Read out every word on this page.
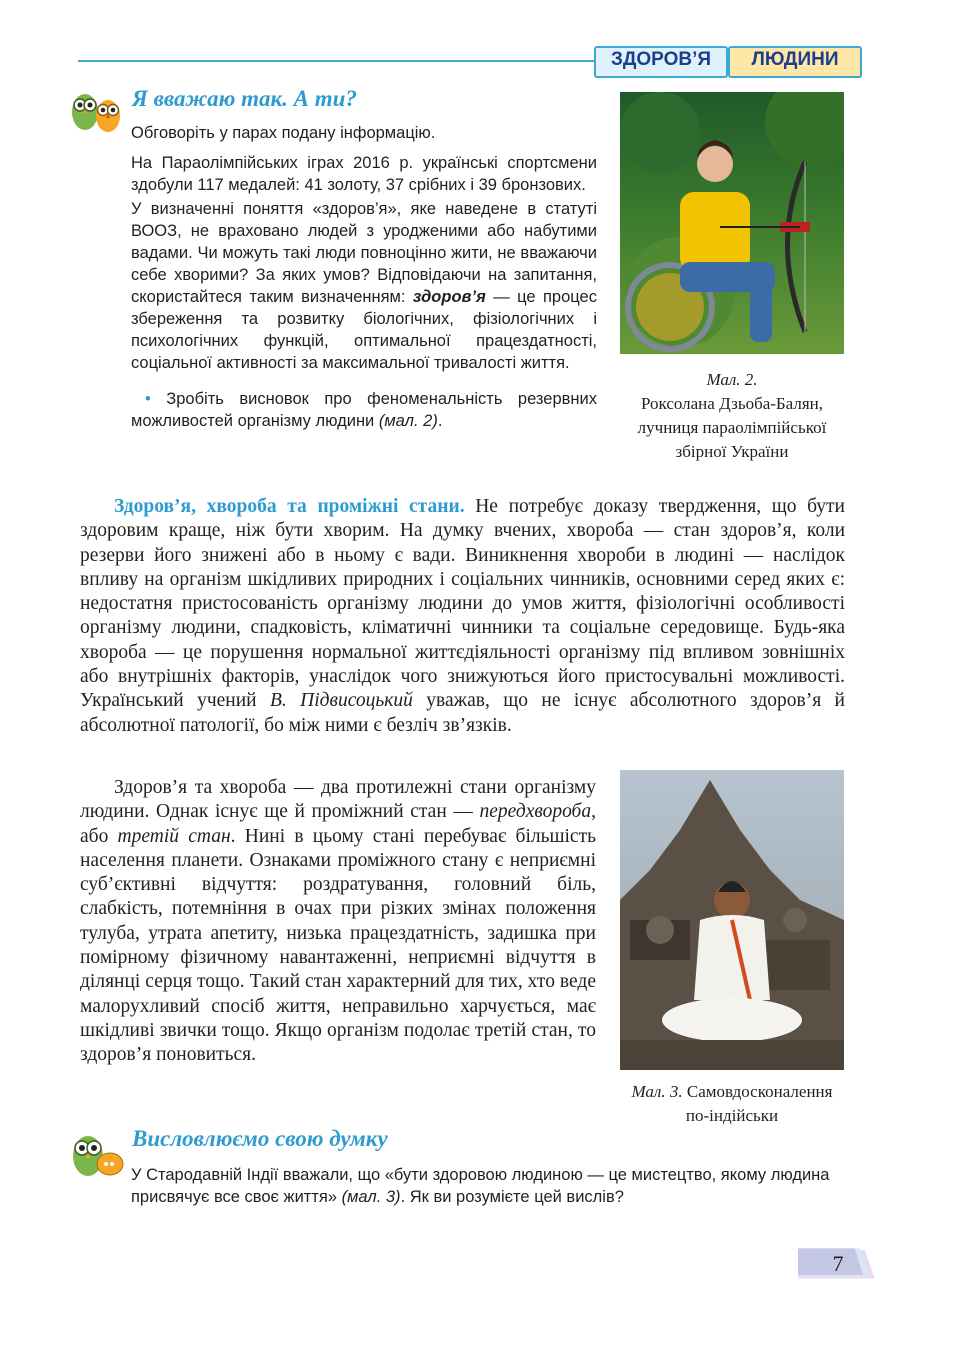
ЗДОРОВ’Я	ЛЮДИНИ
Я вважаю так. А ти?

Обговоріть у парах подану інформацію.

На Параолімпійських іграх 2016 р. українські спортсмени здобули 117 медалей: 41 золоту, 37 срібних і 39 бронзових.

У визначенні поняття «здоров’я», яке наведене в статуті ВООЗ, не враховано людей з уродженими або набутими вадами. Чи можуть такі люди повноцінно жити, не вважаючи себе хворими? За яких умов? Відповідаючи на запитання, скористайтеся таким визначенням: здоров’я — це процес збереження та розвитку біологічних, фізіологічних і психологічних функцій, оптимальної працездатності, соціальної активності за максимальної тривалості життя.

• Зробіть висновок про феноменальність резервних можливостей організму людини (мал. 2).

Мал. 2.
Роксолана Дзьоба-Балян,
лучниця параолімпійської
збірної України

Здоров’я, хвороба та проміжні стани. Не потребує доказу твердження, що бути здоровим краще, ніж бути хворим. На думку вчених, хвороба — стан здоров’я, коли резерви його знижені або в ньому є вади. Виникнення хвороби в людині — наслідок впливу на організм шкідливих природних і соціальних чинників, основними серед яких є: недостатня пристосованість організму людини до умов життя, фізіологічні особливості організму людини, спадковість, кліматичні чинники та соціальне середовище. Будь-яка хвороба — це порушення нормальної життєдіяльності організму під впливом зовнішніх або внутрішніх факторів, унаслідок чого знижуються його пристосувальні можливості. Український учений В. Підвисоцький уважав, що не існує абсолютного здоров’я й абсолютної патології, бо між ними є безліч зв’язків.

Здоров’я та хвороба — два протилежні стани організму людини. Однак існує ще й проміжний стан — передхвороба, або третій стан. Нині в цьому стані перебуває більшість населення планети. Ознаками проміжного стану є неприємні суб’єктивні відчуття: роздратування, головний біль, слабкість, потемніння в очах при різких змінах положення тулуба, утрата апетиту, низька працездатність, задишка при помірному фізичному навантаженні, неприємні відчуття в ділянці серця тощо. Такий стан характерний для тих, хто веде малорухливий спосіб життя, неправильно харчується, має шкідливі звички тощо. Якщо організм подолає третій стан, то здоров’я поновиться.

Мал. 3. Самовдосконалення
по-індійськи
Висловлюємо свою думку

У Стародавній Індії вважали, що «бути здоровою людиною — це мистецтво, якому людина присвячує все своє життя» (мал. 3). Як ви розумієте цей вислів?

7
